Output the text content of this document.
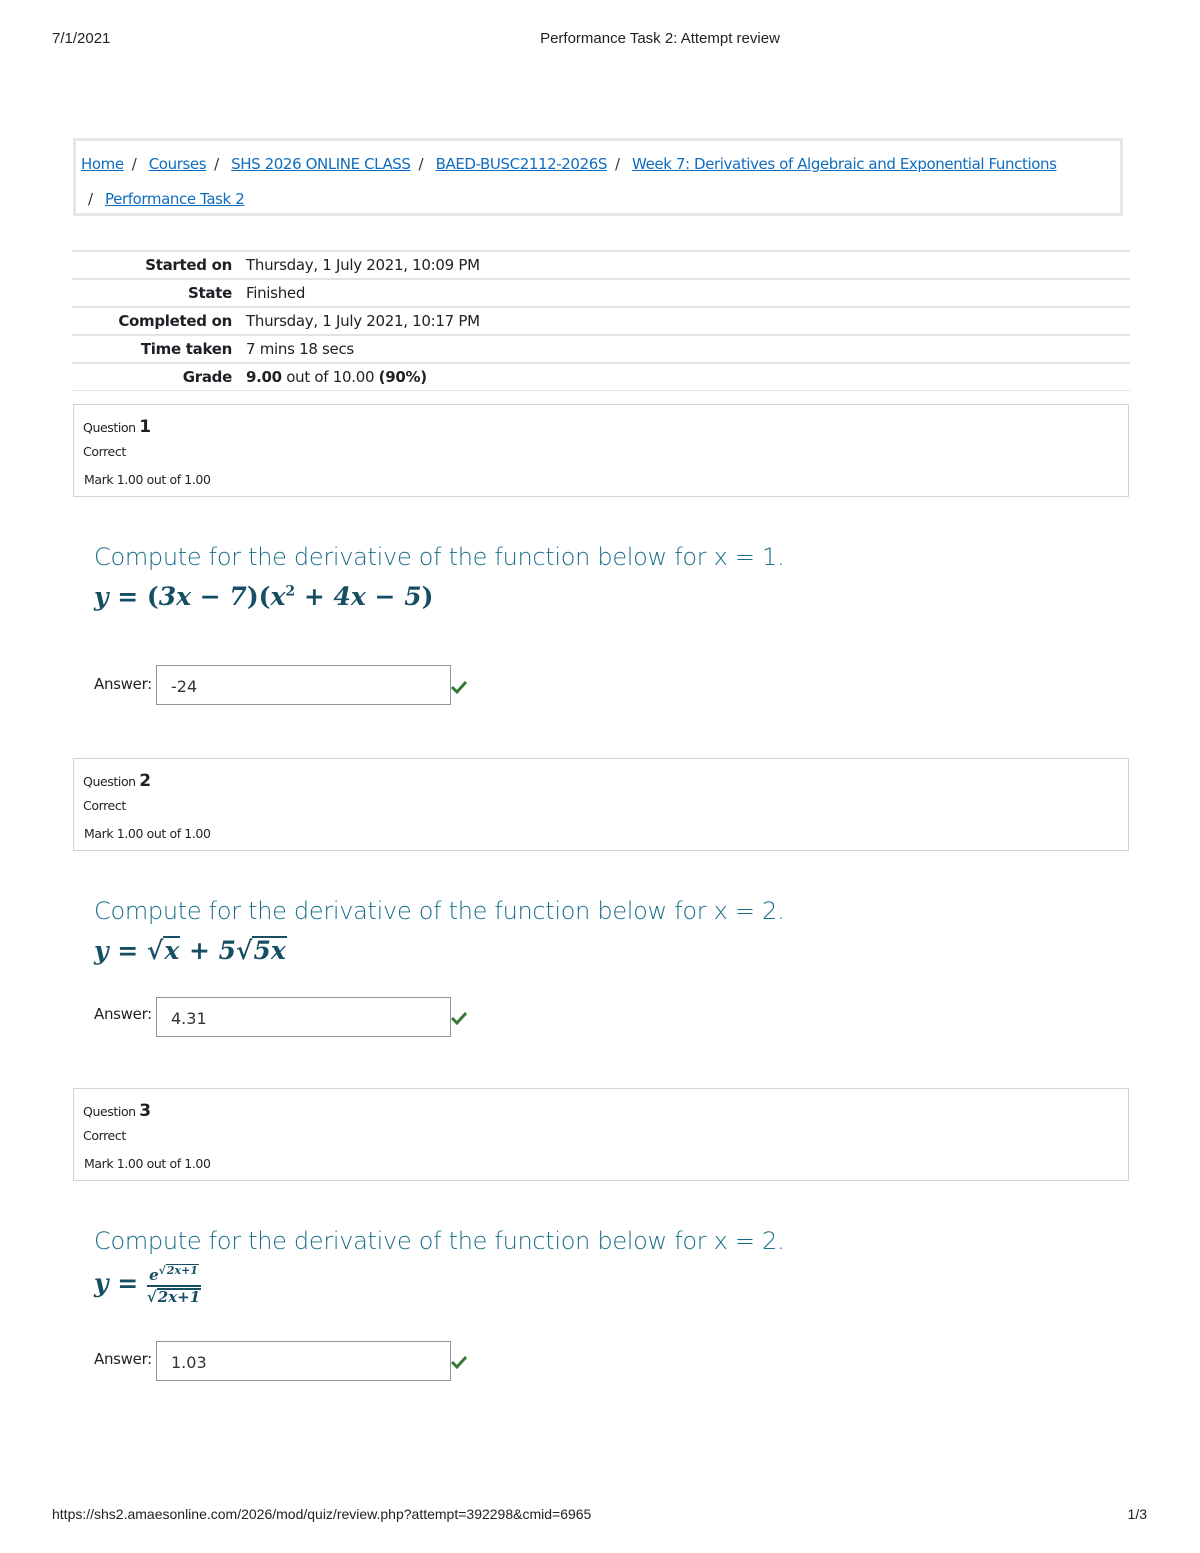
7/1/2021	Performance Task 2: Attempt review
Home / Courses / SHS 2026 ONLINE CLASS / BAED-BUSC2112-2026S / Week 7: Derivatives of Algebraic and Exponential Functions
/ Performance Task 2
Started on	Thursday, 1 July 2021, 10:09 PM
State	Finished
Completed on	Thursday, 1 July 2021, 10:17 PM
Time taken	7 mins 18 secs
Grade	9.00 out of 10.00 (90%)
Question 1
Correct
Mark 1.00 out of 1.00
Compute for the derivative of the function below for x = 1.
$y = (3x - 7)(x^2 + 4x - 5)$
Answer:	-24
Question 2
Correct
Mark 1.00 out of 1.00
Compute for the derivative of the function below for x = 2.
y = √x + 5√5x
Answer:	4.31
Question 3
Correct
Mark 1.00 out of 1.00
Compute for the derivative of the function below for x = 2.
$y = \frac{e^{√2x+1}}{√2x+1}$
Answer:	1.03
https://shs2.amaesonline.com/2026/mod/quiz/review.php?attempt=392298&cmid=6965	1/3
